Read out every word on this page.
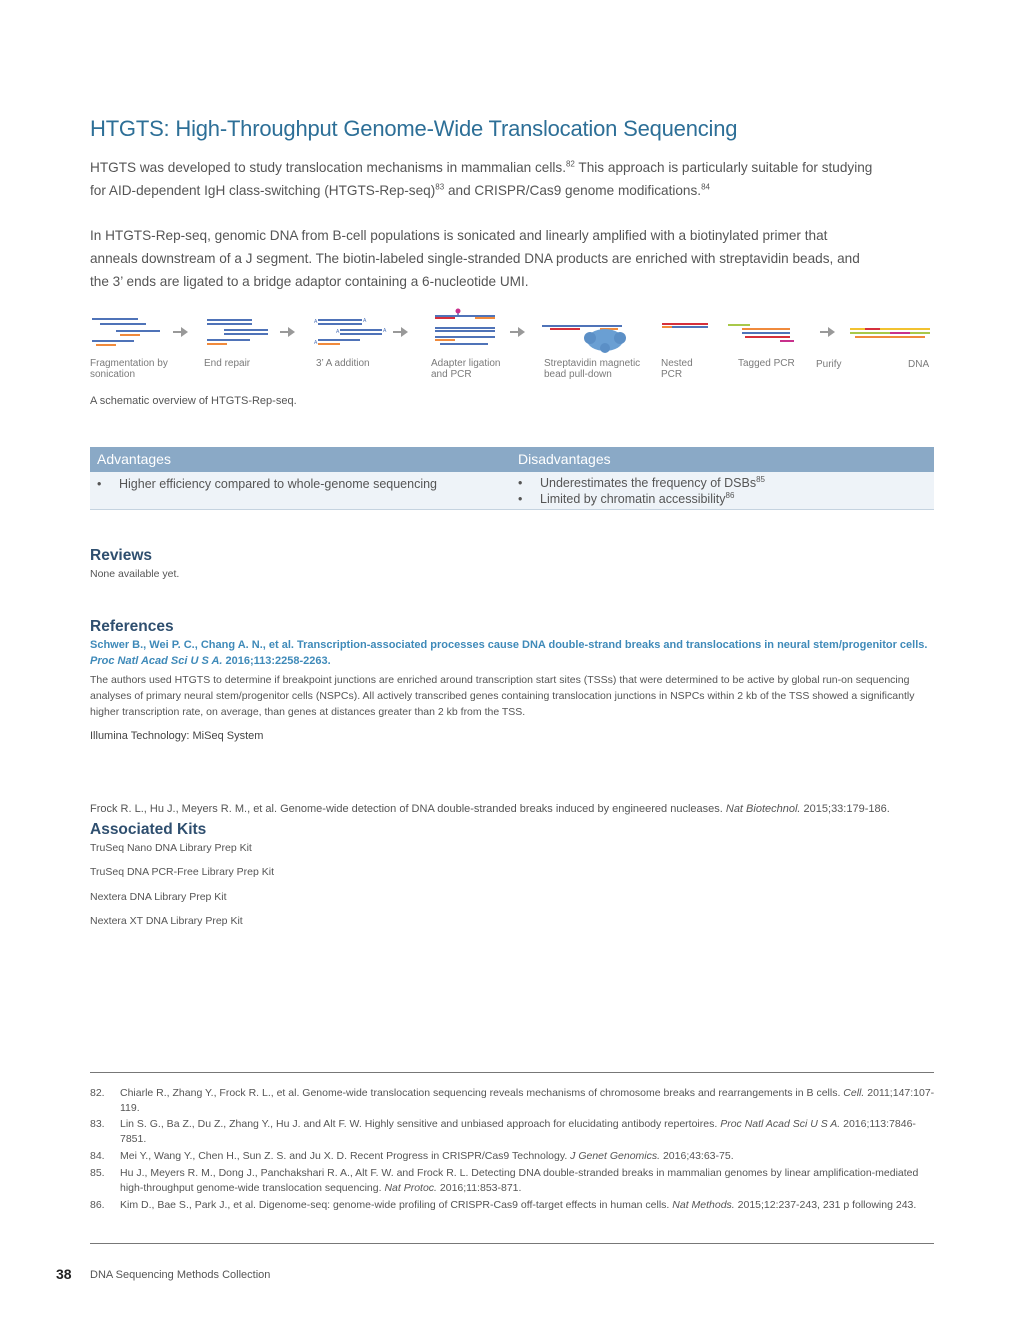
HTGTS: High-Throughput Genome-Wide Translocation Sequencing

HTGTS was developed to study translocation mechanisms in mammalian cells.$^{82}$ This approach is particularly suitable for studying
for AID-dependent IgH class-switching (HTGTS-Rep-seq)$^{83}$ and CRISPR/Cas9 genome modifications.$^{84}$

In HTGTS-Rep-seq, genomic DNA from B-cell populations is sonicated and linearly amplified with a biotinylated primer that
anneals downstream of a J segment. The biotin-labeled single-stranded DNA products are enriched with streptavidin beads, and
the 3’ ends are ligated to a bridge adaptor containing a 6-nucleotide UMI.

A	A
A	A
A
Fragmentation by
sonication
End repair	3’ A addition	Adapter ligation
and PCR
Streptavidin magnetic
bead pull-down
Nested
PCR
Tagged PCR Purify	DNA
A schematic overview of HTGTS-Rep-seq.
Advantages	Disadvantages
• Higher efficiency compared to whole-genome sequencing	• Underestimates the frequency of DSBs$^{85}$
• Limited by chromatin accessibility$^{86}$
Reviews
None available yet.
References
Schwer B., Wei P. C., Chang A. N., et al. Transcription-associated processes cause DNA double-strand breaks and translocations in neural stem/progenitor cells. Proc Natl Acad Sci U S A. 2016;113:2258-2263.
The authors used HTGTS to determine if breakpoint junctions are enriched around transcription start sites (TSSs) that were determined to be active by global run-on sequencing analyses of primary neural stem/progenitor cells (NSPCs). All actively transcribed genes containing translocation junctions in NSPCs within 2 kb of the TSS showed a significantly higher transcription rate, on average, than genes at distances greater than 2 kb from the TSS.
Illumina Technology: MiSeq System
Frock R. L., Hu J., Meyers R. M., et al. Genome-wide detection of DNA double-stranded breaks induced by engineered nucleases. Nat Biotechnol. 2015;33:179-186.
Associated Kits
TruSeq Nano DNA Library Prep Kit
TruSeq DNA PCR-Free Library Prep Kit
Nextera DNA Library Prep Kit
Nextera XT DNA Library Prep Kit
82. Chiarle R., Zhang Y., Frock R. L., et al. Genome-wide translocation sequencing reveals mechanisms of chromosome breaks and rearrangements in B cells. Cell. 2011;147:107-119.
83. Lin S. G., Ba Z., Du Z., Zhang Y., Hu J. and Alt F. W. Highly sensitive and unbiased approach for elucidating antibody repertoires. Proc Natl Acad Sci U S A. 2016;113:7846-7851.
84. Mei Y., Wang Y., Chen H., Sun Z. S. and Ju X. D. Recent Progress in CRISPR/Cas9 Technology. J Genet Genomics. 2016;43:63-75.
85. Hu J., Meyers R. M., Dong J., Panchakshari R. A., Alt F. W. and Frock R. L. Detecting DNA double-stranded breaks in mammalian genomes by linear amplification-mediated high-throughput genome-wide translocation sequencing. Nat Protoc. 2016;11:853-871.
86. Kim D., Bae S., Park J., et al. Digenome-seq: genome-wide profiling of CRISPR-Cas9 off-target effects in human cells. Nat Methods. 2015;12:237-243, 231 p following 243.
38 DNA Sequencing Methods Collection
